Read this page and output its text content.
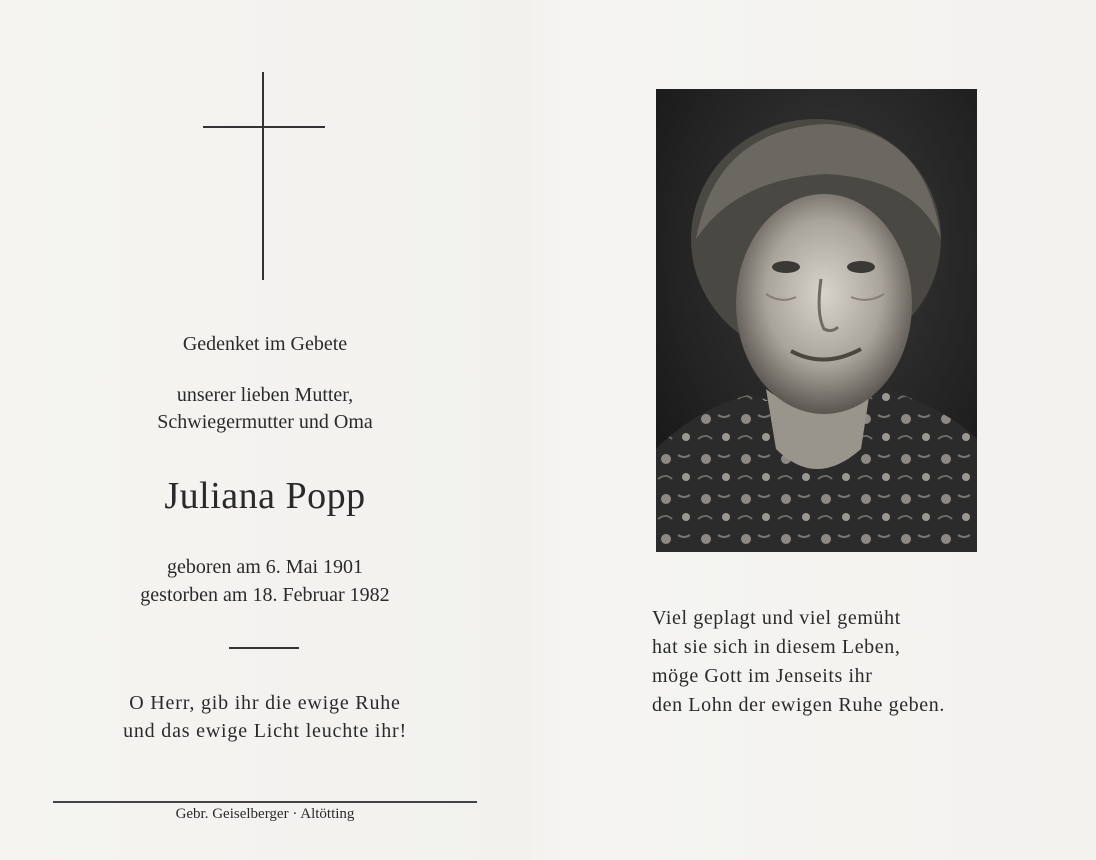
Gedenket im Gebete
unserer lieben Mutter,
Schwiegermutter und Oma
Juliana Popp
geboren am 6. Mai 1901
gestorben am 18. Februar 1982
O Herr, gib ihr die ewige Ruhe
und das ewige Licht leuchte ihr!
Gebr. Geiselberger · Altötting
Viel geplagt und viel gemüht
hat sie sich in diesem Leben,
möge Gott im Jenseits ihr
den Lohn der ewigen Ruhe geben.
